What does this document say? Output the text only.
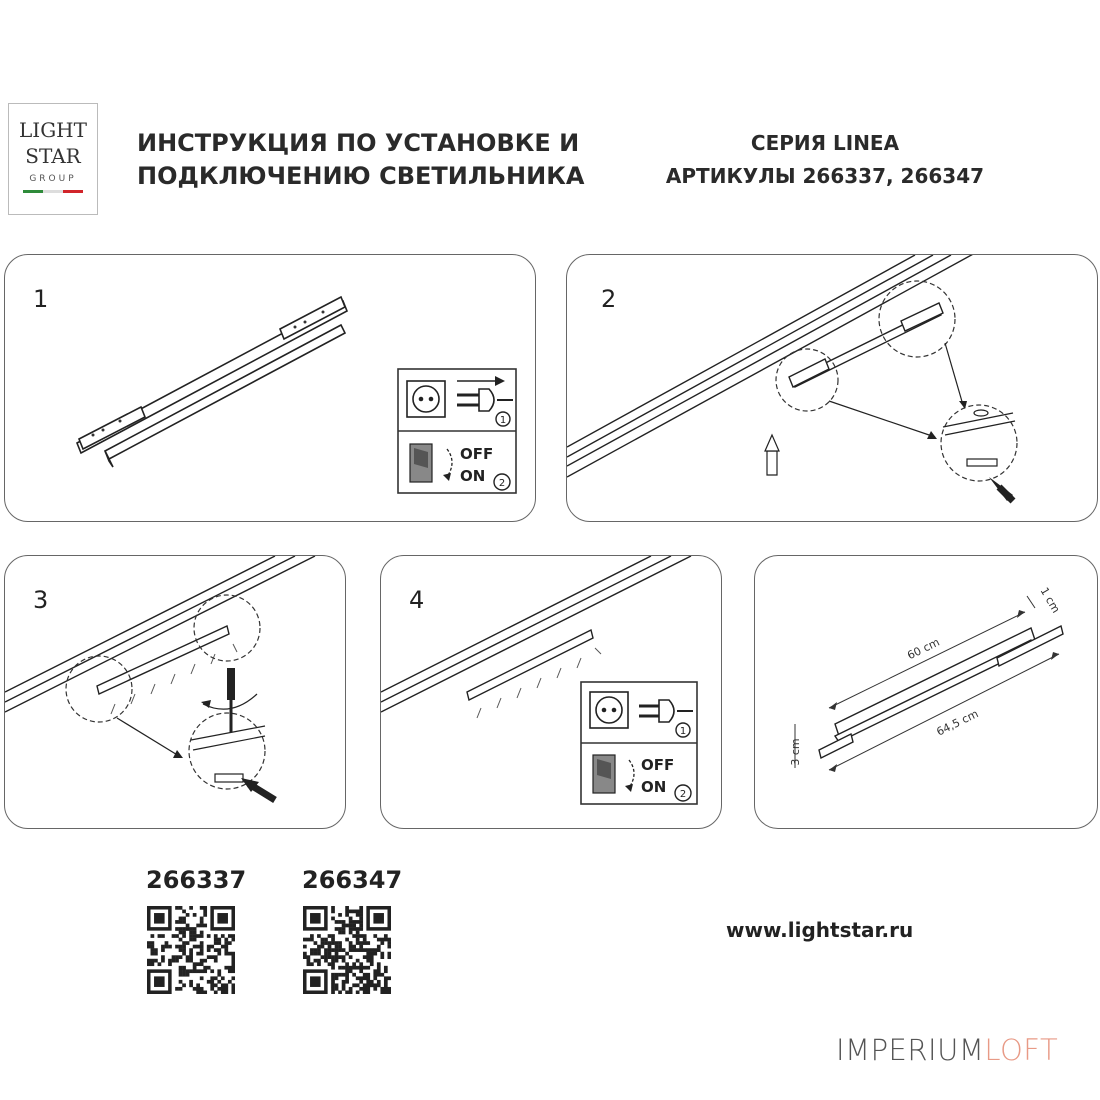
LIGHT
STAR
GROUP
ИНСТРУКЦИЯ ПО УСТАНОВКЕ И
ПОДКЛЮЧЕНИЮ СВЕТИЛЬНИКА
СЕРИЯ LINEA
АРТИКУЛЫ 266337, 266347
1
1
OFF
ON 2
2
3	4
1
OFF
ON 2
60 cm
64,5 cm
3 cm
1 cm
266337 266347
www.lightstar.ru
IMPERIUMLOFT
